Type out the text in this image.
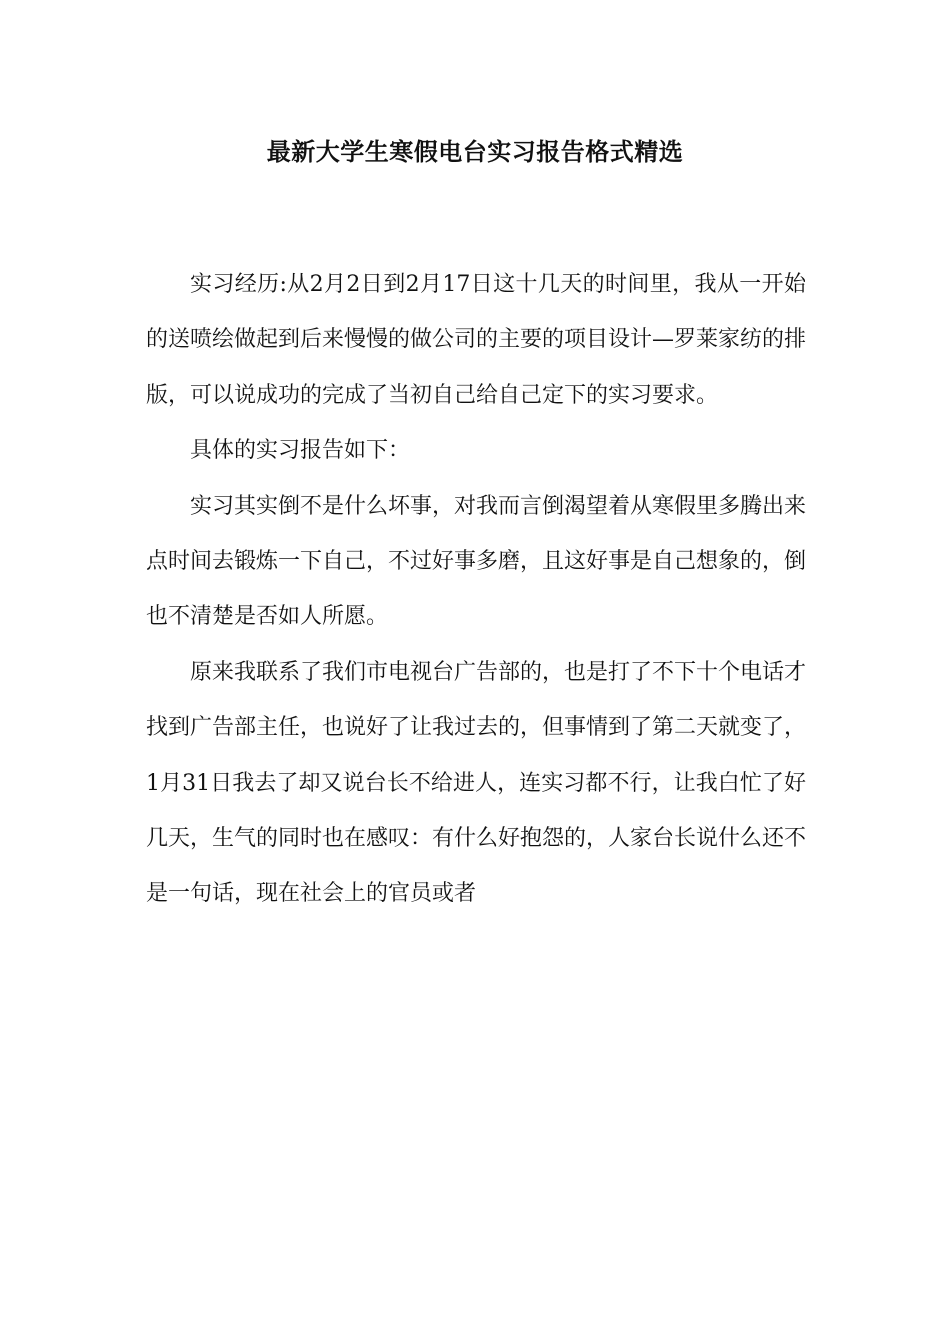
最新大学生寒假电台实习报告格式精选

实习经历:从2月2日到2月17日这十几天的时间里，我从一开始的送喷绘做起到后来慢慢的做公司的主要的项目设计—罗莱家纺的排版，可以说成功的完成了当初自己给自己定下的实习要求。

具体的实习报告如下：

实习其实倒不是什么坏事，对我而言倒渴望着从寒假里多腾出来点时间去锻炼一下自己，不过好事多磨，且这好事是自己想象的，倒也不清楚是否如人所愿。

原来我联系了我们市电视台广告部的，也是打了不下十个电话才找到广告部主任，也说好了让我过去的，但事情到了第二天就变了，1月31日我去了却又说台长不给进人，连实习都不行，让我白忙了好几天，生气的同时也在感叹：有什么好抱怨的，人家台长说什么还不是一句话，现在社会上的官员或者
